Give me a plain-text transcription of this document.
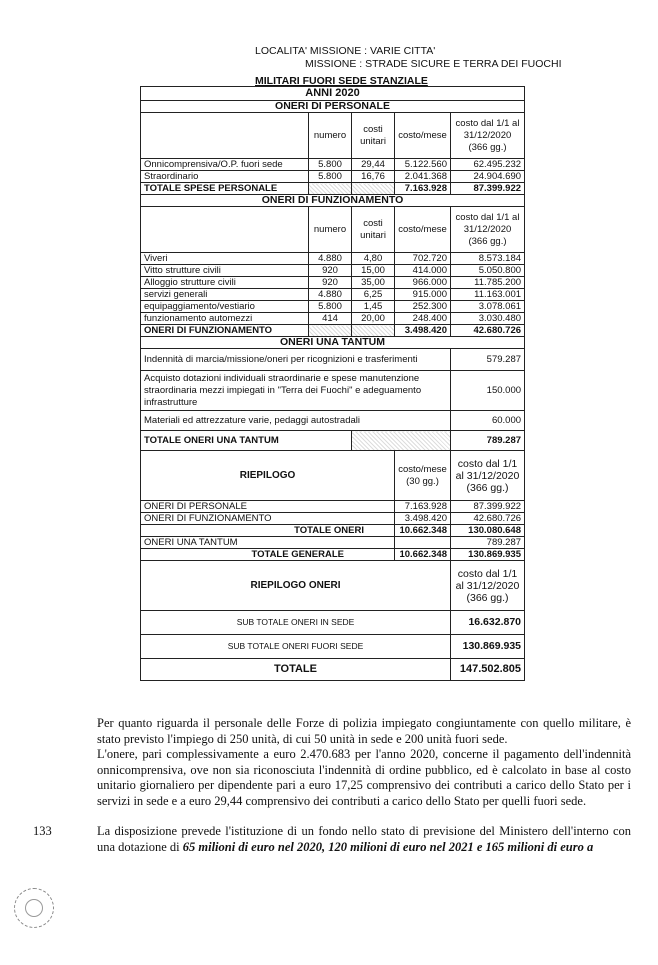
LOCALITA' MISSIONE : VARIE CITTA'
MISSIONE : STRADE SICURE E TERRA DEI FUOCHI
MILITARI FUORI SEDE STANZIALE
ANNI 2020				
ONERI DI PERSONALE				
	numero	costi unitari	costo/mese	costo dal 1/1 al 31/12/2020 (366 gg.)
Onnicomprensiva/O.P. fuori sede	5.800	29,44	5.122.560	62.495.232
Straordinario	5.800	16,76	2.041.368	24.904.690
TOTALE SPESE PERSONALE			7.163.928	87.399.922
ONERI DI FUNZIONAMENTO				
	numero	costi unitari	costo/mese	costo dal 1/1 al 31/12/2020 (366 gg.)
Viveri	4.880	4,80	702.720	8.573.184
Vitto strutture civili	920	15,00	414.000	5.050.800
Alloggio strutture civili	920	35,00	966.000	11.785.200
servizi generali	4.880	6,25	915.000	11.163.001
equipaggiamento/vestiario	5.800	1,45	252.300	3.078.061
funzionamento automezzi	414	20,00	248.400	3.030.480
ONERI DI FUNZIONAMENTO			3.498.420	42.680.726
ONERI UNA TANTUM				
Indennità di marcia/missione/oneri per ricognizioni e trasferimenti				579.287
Acquisto dotazioni individuali straordinarie e spese manutenzione straordinaria mezzi impiegati in "Terra dei Fuochi" e adeguamento infrastrutture				150.000
Materiali ed attrezzature varie, pedaggi autostradali				60.000
TOTALE ONERI UNA TANTUM				789.287
RIEPILOGO			costo/mese (30 gg.)	costo dal 1/1 al 31/12/2020 (366 gg.)
ONERI DI PERSONALE			7.163.928	87.399.922
ONERI DI FUNZIONAMENTO			3.498.420	42.680.726
TOTALE ONERI			10.662.348	130.080.648
ONERI UNA TANTUM				789.287
TOTALE GENERALE			10.662.348	130.869.935
RIEPILOGO ONERI				costo dal 1/1 al 31/12/2020 (366 gg.)
SUB TOTALE ONERI IN SEDE				16.632.870
SUB TOTALE ONERI FUORI SEDE				130.869.935
TOTALE				147.502.805
Per quanto riguarda il personale delle Forze di polizia impiegato congiuntamente con quello militare, è stato previsto l'impiego di 250 unità, di cui 50 unità in sede e 200 unità fuori sede.
L'onere, pari complessivamente a euro 2.470.683 per l'anno 2020, concerne il pagamento dell'indennità onnicomprensiva, ove non sia riconosciuta l'indennità di ordine pubblico, ed è calcolato in base al costo unitario giornaliero per dipendente pari a euro 17,25 comprensivo dei contributi a carico dello Stato per i servizi in sede e a euro 29,44 comprensivo dei contributi a carico dello Stato per quelli fuori sede.
133	La disposizione prevede l'istituzione di un fondo nello stato di previsione del Ministero dell'interno con una dotazione di 65 milioni di euro nel 2020, 120 milioni di euro nel 2021 e 165 milioni di euro a
